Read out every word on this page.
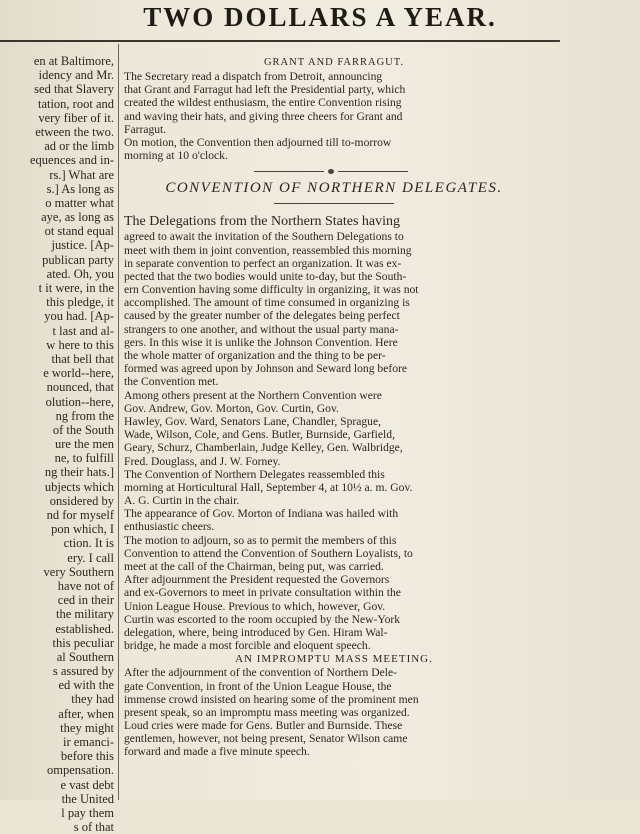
TWO DOLLARS A YEAR.
en at Baltimore,
idency and Mr.
sed that Slavery
tation, root and
very fiber of it.
etween the two.
ad or the limb
equences and in-
rs.] What are
s.] As long as
o matter what
aye, as long as
ot stand equal
justice. [Ap-
publican party
ated. Oh, you
t it were, in the
this pledge, it
you had. [Ap-
t last and al-
w here to this
that bell that
e world--here,
nounced, that
olution--here,
ng from the
of the South
ure the men
ne, to fulfill
ng their hats.]
ubjects which
onsidered by
nd for myself
pon which, I
ction. It is
ery. I call
very Southern
have not of
ced in their
the military
established.
this peculiar
al Southern
s assured by
ed with the
they had
after, when
they might
ir emanci-
before this
ompensation.
e vast debt
the United
l pay them
s of that
GRANT AND FARRAGUT.
The Secretary read a dispatch from Detroit, announcing
that Grant and Farragut had left the Presidential party, which
created the wildest enthusiasm, the entire Convention rising
and waving their hats, and giving three cheers for Grant and
Farragut.
On motion, the Convention then adjourned till to-morrow
morning at 10 o'clock.
CONVENTION OF NORTHERN DELEGATES.
The Delegations from the Northern States having
agreed to await the invitation of the Southern Delegations to
meet with them in joint convention, reassembled this morning
in separate convention to perfect an organization. It was ex-
pected that the two bodies would unite to-day, but the South-
ern Convention having some difficulty in organizing, it was not
accomplished. The amount of time consumed in organizing is
caused by the greater number of the delegates being perfect
strangers to one another, and without the usual party mana-
gers. In this wise it is unlike the Johnson Convention. Here
the whole matter of organization and the thing to be per-
formed was agreed upon by Johnson and Seward long before
the Convention met.
Among others present at the Northern Convention were
Gov. Andrew, Gov. Morton, Gov. Curtin, Gov.
Hawley, Gov. Ward, Senators Lane, Chandler, Sprague,
Wade, Wilson, Cole, and Gens. Butler, Burnside, Garfield,
Geary, Schurz, Chamberlain, Judge Kelley, Gen. Walbridge,
Fred. Douglass, and J. W. Forney.
The Convention of Northern Delegates reassembled this
morning at Horticultural Hall, September 4, at 10½ a. m. Gov.
A. G. Curtin in the chair.
The appearance of Gov. Morton of Indiana was hailed with
enthusiastic cheers.
The motion to adjourn, so as to permit the members of this
Convention to attend the Convention of Southern Loyalists, to
meet at the call of the Chairman, being put, was carried.
After adjournment the President requested the Governors
and ex-Governors to meet in private consultation within the
Union League House. Previous to which, however, Gov.
Curtin was escorted to the room occupied by the New-York
delegation, where, being introduced by Gen. Hiram Wal-
bridge, he made a most forcible and eloquent speech.
AN IMPROMPTU MASS MEETING.
After the adjournment of the convention of Northern Dele-
gate Convention, in front of the Union League House, the
immense crowd insisted on hearing some of the prominent men
present speak, so an impromptu mass meeting was organized.
Loud cries were made for Gens. Butler and Burnside. These
gentlemen, however, not being present, Senator Wilson came
forward and made a five minute speech.
